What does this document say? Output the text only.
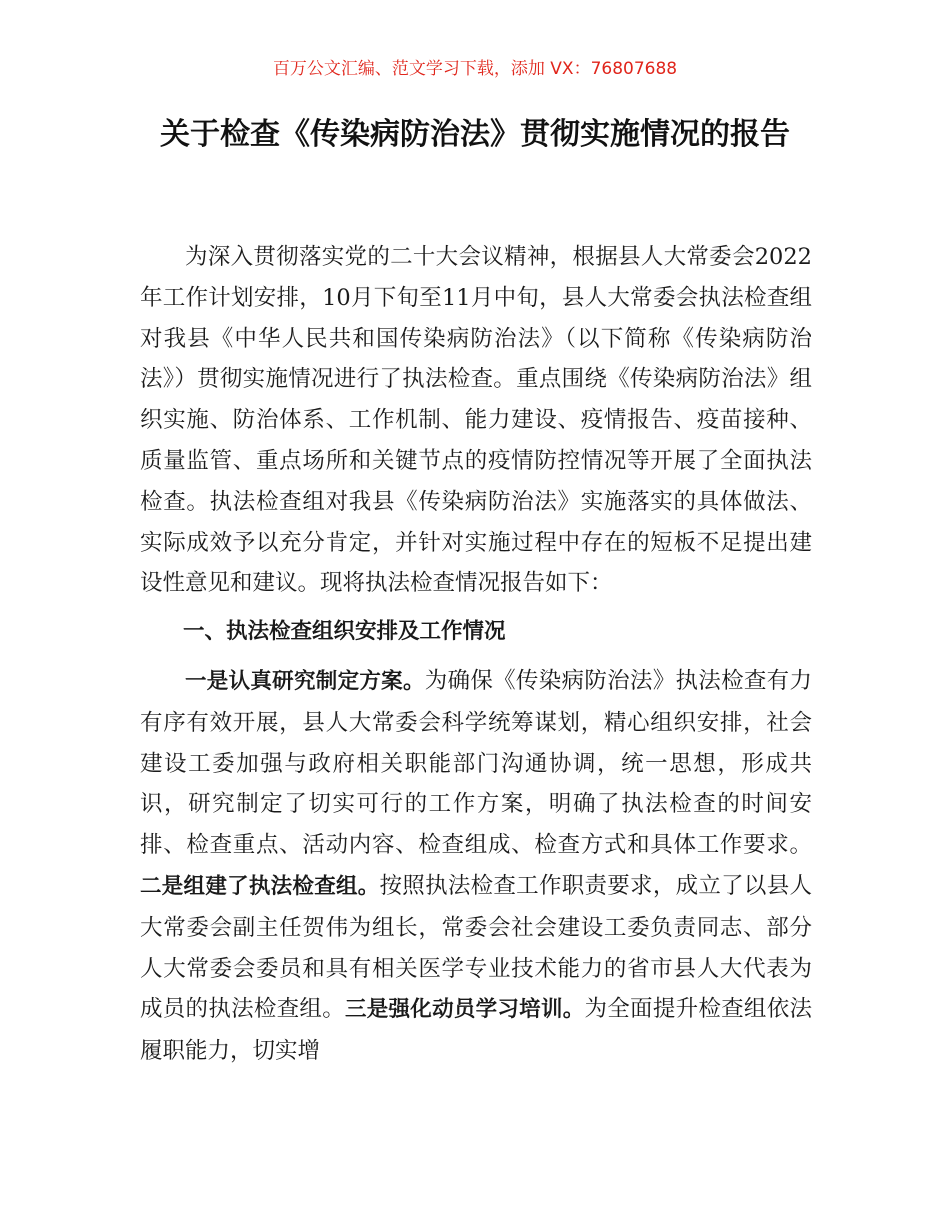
百万公文汇编、范文学习下载，添加 VX：76807688
关于检查《传染病防治法》贯彻实施情况的报告

为深入贯彻落实党的二十大会议精神，根据县人大常委会2022年工作计划安排，10月下旬至11月中旬，县人大常委会执法检查组对我县《中华人民共和国传染病防治法》（以下简称《传染病防治法》）贯彻实施情况进行了执法检查。重点围绕《传染病防治法》组织实施、防治体系、工作机制、能力建设、疫情报告、疫苗接种、质量监管、重点场所和关键节点的疫情防控情况等开展了全面执法检查。执法检查组对我县《传染病防治法》实施落实的具体做法、实际成效予以充分肯定，并针对实施过程中存在的短板不足提出建设性意见和建议。现将执法检查情况报告如下：

一、执法检查组织安排及工作情况

一是认真研究制定方案。为确保《传染病防治法》执法检查有力有序有效开展，县人大常委会科学统筹谋划，精心组织安排，社会建设工委加强与政府相关职能部门沟通协调，统一思想，形成共识，研究制定了切实可行的工作方案，明确了执法检查的时间安排、检查重点、活动内容、检查组成、检查方式和具体工作要求。二是组建了执法检查组。按照执法检查工作职责要求，成立了以县人大常委会副主任贺伟为组长，常委会社会建设工委负责同志、部分人大常委会委员和具有相关医学专业技术能力的省市县人大代表为成员的执法检查组。三是强化动员学习培训。为全面提升检查组依法履职能力，切实增
